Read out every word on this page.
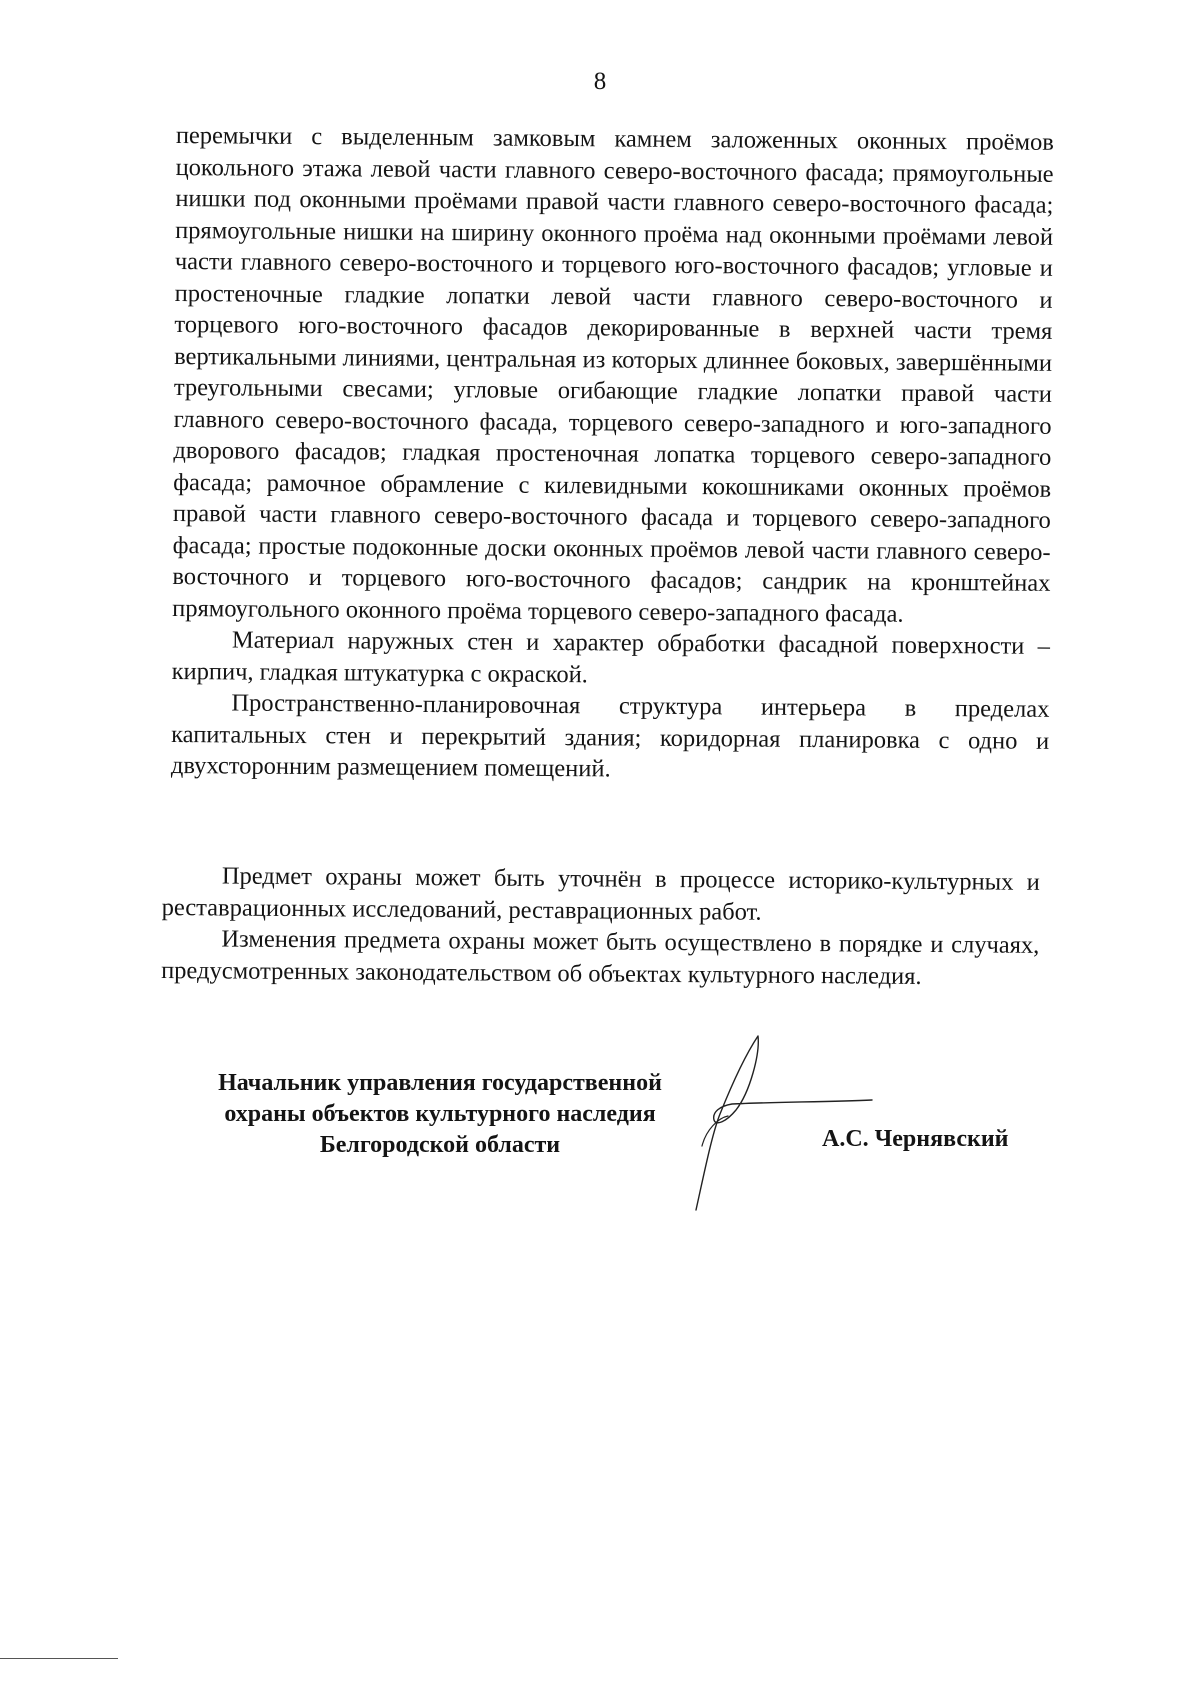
8

перемычки с выделенным замковым камнем заложенных оконных проёмов цокольного этажа левой части главного северо-восточного фасада; прямоугольные нишки под оконными проёмами правой части главного северо-восточного фасада; прямоугольные нишки на ширину оконного проёма над оконными проёмами левой части главного северо-восточного и торцевого юго-восточного фасадов; угловые и простеночные гладкие лопатки левой части главного северо-восточного и торцевого юго-восточного фасадов декорированные в верхней части тремя вертикальными линиями, центральная из которых длиннее боковых, завершёнными треугольными свесами; угловые огибающие гладкие лопатки правой части главного северо-восточного фасада, торцевого северо-западного и юго-западного дворового фасадов; гладкая простеночная лопатка торцевого северо-западного фасада; рамочное обрамление с килевидными кокошниками оконных проёмов правой части главного северо-восточного фасада и торцевого северо-западного фасада; простые подоконные доски оконных проёмов левой части главного северо-восточного и торцевого юго-восточного фасадов; сандрик на кронштейнах прямоугольного оконного проёма торцевого северо-западного фасада.

Материал наружных стен и характер обработки фасадной поверхности – кирпич, гладкая штукатурка с окраской.

Пространственно-планировочная структура интерьера в пределах капитальных стен и перекрытий здания; коридорная планировка с одно и двухсторонним размещением помещений.

Предмет охраны может быть уточнён в процессе историко-культурных и реставрационных исследований, реставрационных работ.

Изменения предмета охраны может быть осуществлено в порядке и случаях, предусмотренных законодательством об объектах культурного наследия.

Начальник управления государственной
охраны объектов культурного наследия
Белгородской области	А.С. Чернявский
